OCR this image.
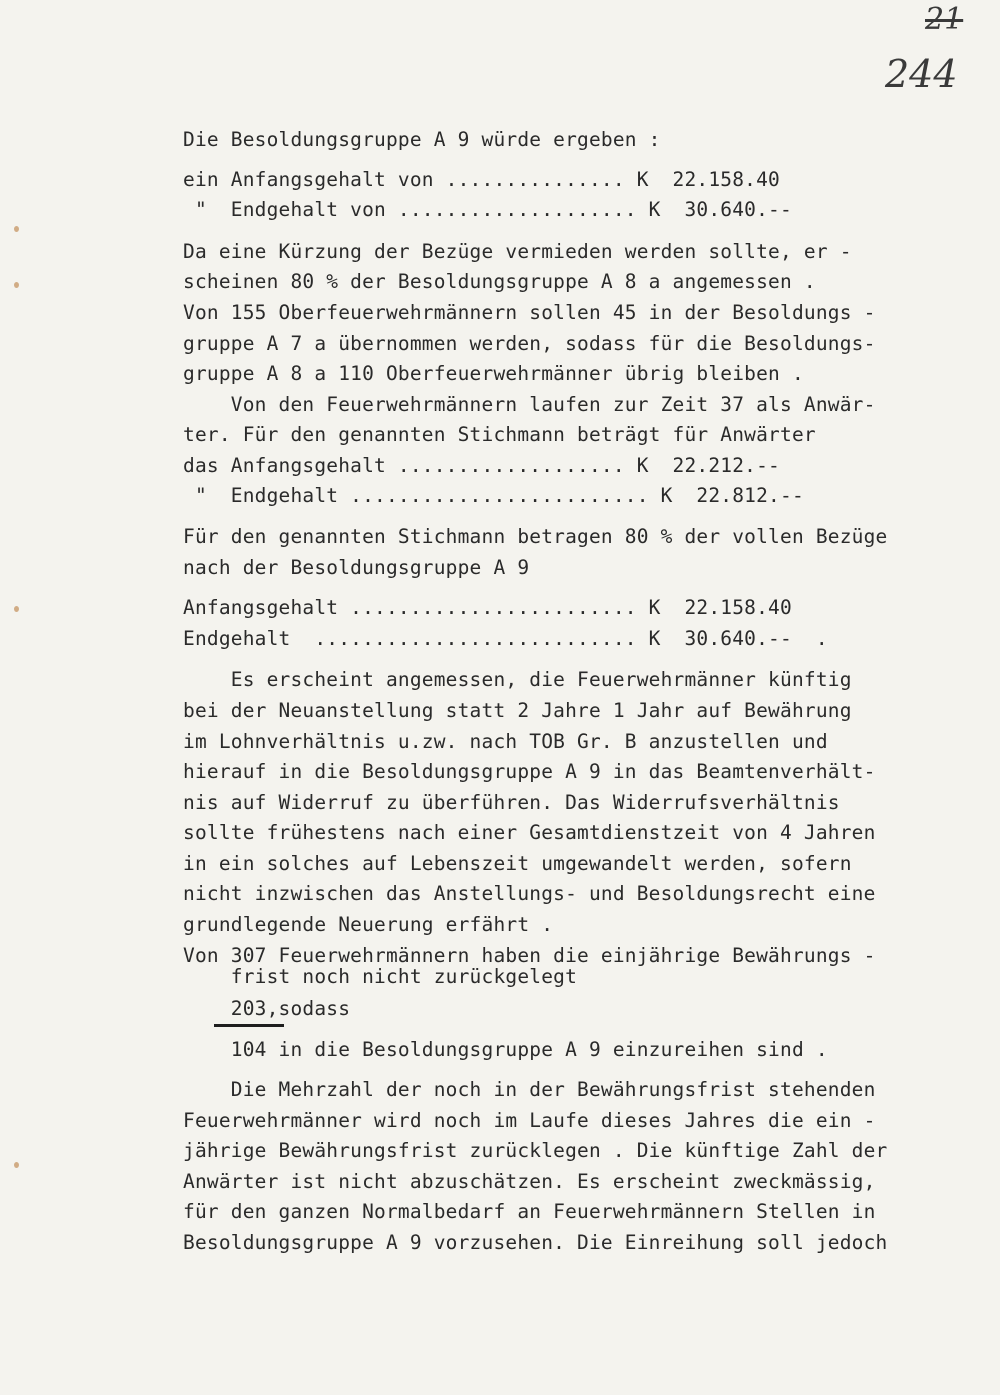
21
244
Die Besoldungsgruppe A 9 würde ergeben :
ein Anfangsgehalt von ............... K  22.158.40
"  Endgehalt von .................... K  30.640.--
Da eine Kürzung der Bezüge vermieden werden sollte, er -
scheinen 80 % der Besoldungsgruppe A 8 a angemessen .
Von 155 Oberfeuerwehrmännern sollen 45 in der Besoldungs -
gruppe A 7 a übernommen werden, sodass für die Besoldungs-
gruppe A 8 a 110 Oberfeuerwehrmänner übrig bleiben .
Von den Feuerwehrmännern laufen zur Zeit 37 als Anwär-
ter. Für den genannten Stichmann beträgt für Anwärter
das Anfangsgehalt ................... K  22.212.--
"  Endgehalt ......................... K  22.812.--
Für den genannten Stichmann betragen 80 % der vollen Bezüge
nach der Besoldungsgruppe A 9
Anfangsgehalt ........................ K  22.158.40
Endgehalt  ........................... K  30.640.--  .
Es erscheint angemessen, die Feuerwehrmänner künftig
bei der Neuanstellung statt 2 Jahre 1 Jahr auf Bewährung
im Lohnverhältnis u.zw. nach TOB Gr. B anzustellen und
hierauf in die Besoldungsgruppe A 9 in das Beamtenverhält-
nis auf Widerruf zu überführen. Das Widerrufsverhältnis
sollte frühestens nach einer Gesamtdienstzeit von 4 Jahren
in ein solches auf Lebenszeit umgewandelt werden, sofern
nicht inzwischen das Anstellungs- und Besoldungsrecht eine
grundlegende Neuerung erfährt .
Von 307 Feuerwehrmännern haben die einjährige Bewährungs -
frist noch nicht zurückgelegt
203,sodass
104 in die Besoldungsgruppe A 9 einzureihen sind .
Die Mehrzahl der noch in der Bewährungsfrist stehenden
Feuerwehrmänner wird noch im Laufe dieses Jahres die ein -
jährige Bewährungsfrist zurücklegen . Die künftige Zahl der
Anwärter ist nicht abzuschätzen. Es erscheint zweckmässig,
für den ganzen Normalbedarf an Feuerwehrmännern Stellen in
Besoldungsgruppe A 9 vorzusehen. Die Einreihung soll jedoch
